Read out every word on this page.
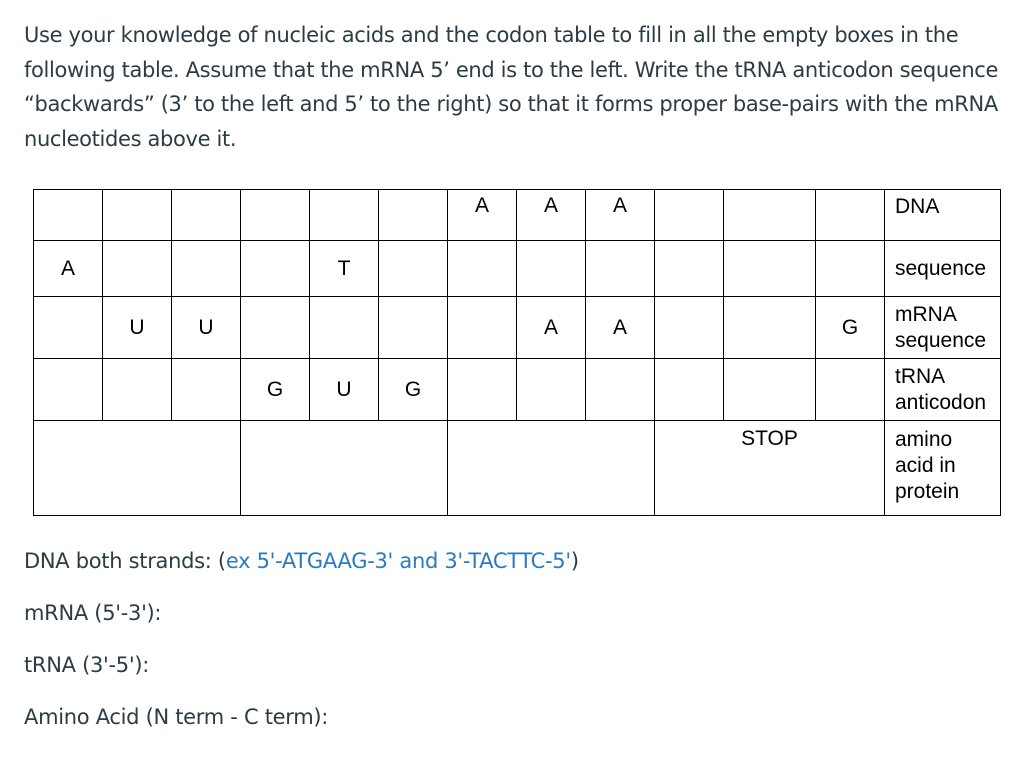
Use your knowledge of nucleic acids and the codon table to fill in all the empty boxes in the following table. Assume that the mRNA 5’ end is to the left. Write the tRNA anticodon sequence “backwards” (3’ to the left and 5’ to the right) so that it forms proper base-pairs with the mRNA nucleotides above it.

						A	A	A				DNA
A				T								sequence
	U	U					A	A			G	mRNA
sequence

			G	U	G							tRNA
anticodon

									STOP			amino
acid in
protein

DNA both strands: (ex 5'-ATGAAG-3' and 3'-TACTTC-5')

mRNA (5'-3'):

tRNA (3'-5'):

Amino Acid (N term - C term):
